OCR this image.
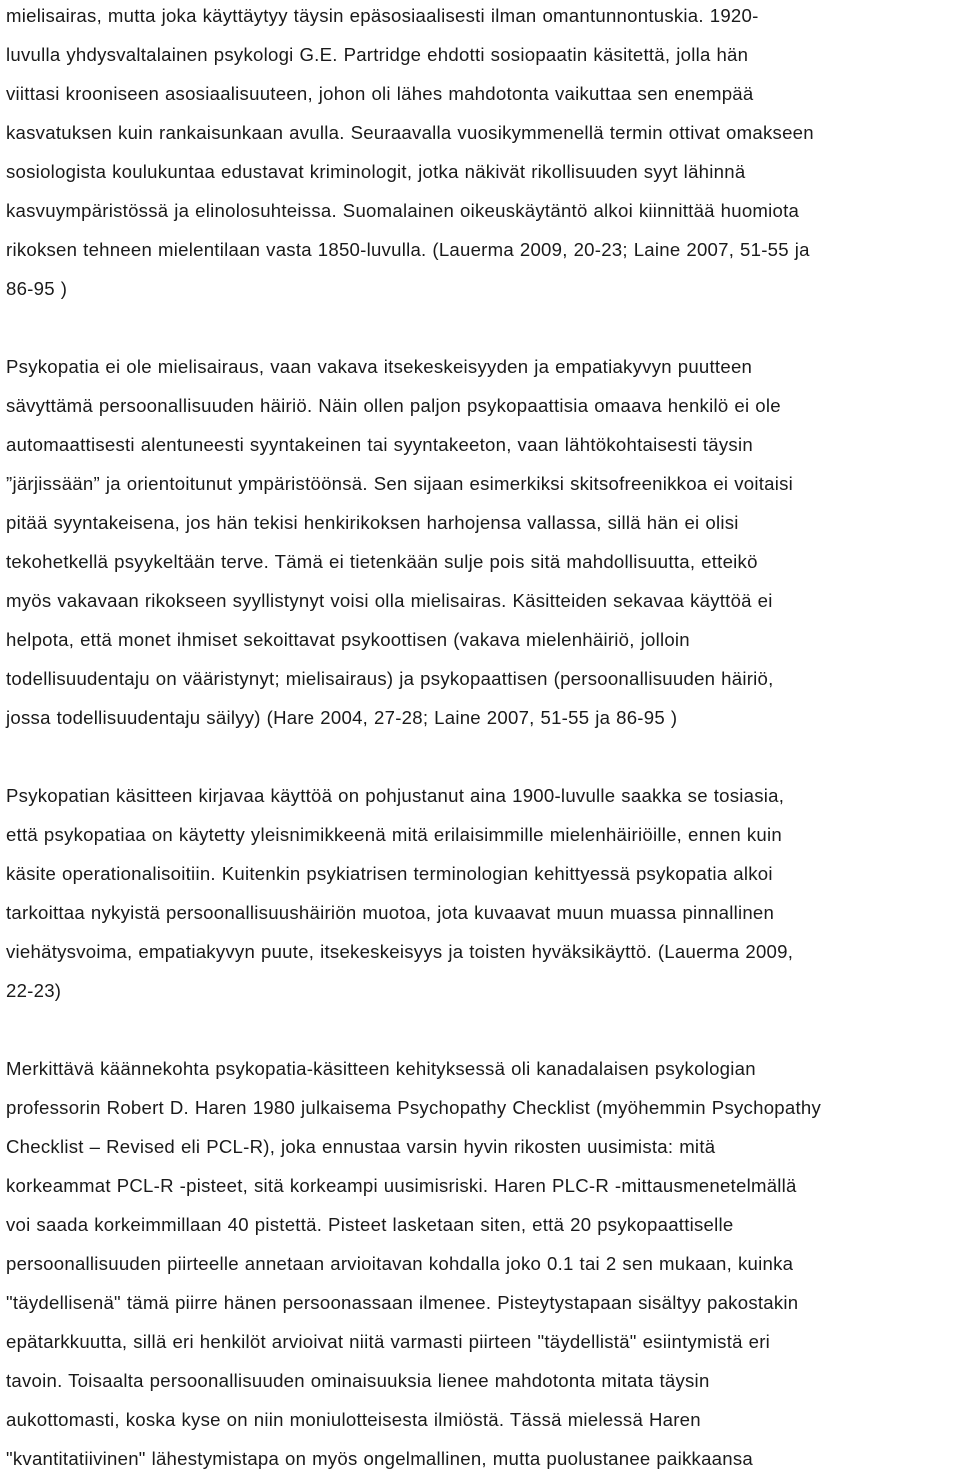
mielisairas, mutta joka käyttäytyy täysin epäsosiaalisesti ilman omantunnontuskia. 1920-
luvulla yhdysvaltalainen psykologi G.E. Partridge ehdotti sosiopaatin käsitettä, jolla hän
viittasi krooniseen asosiaalisuuteen, johon oli lähes mahdotonta vaikuttaa sen enempää
kasvatuksen kuin rankaisunkaan avulla. Seuraavalla vuosikymmenellä termin ottivat omakseen
sosiologista koulukuntaa edustavat kriminologit, jotka näkivät rikollisuuden syyt lähinnä
kasvuympäristössä ja elinolosuhteissa. Suomalainen oikeuskäytäntö alkoi kiinnittää huomiota
rikoksen tehneen mielentilaan vasta 1850-luvulla. (Lauerma 2009, 20-23; Laine 2007, 51-55 ja
86-95 )

Psykopatia ei ole mielisairaus, vaan vakava itsekeskeisyyden ja empatiakyvyn puutteen
sävyttämä persoonallisuuden häiriö. Näin ollen paljon psykopaattisia omaava henkilö ei ole
automaattisesti alentuneesti syyntakeinen tai syyntakeeton, vaan lähtökohtaisesti täysin
”järjissään” ja orientoitunut ympäristöönsä. Sen sijaan esimerkiksi skitsofreenikkoa ei voitaisi
pitää syyntakeisena, jos hän tekisi henkirikoksen harhojensa vallassa, sillä hän ei olisi
tekohetkellä psyykeltään terve. Tämä ei tietenkään sulje pois sitä mahdollisuutta, etteikö
myös vakavaan rikokseen syyllistynyt voisi olla mielisairas. Käsitteiden sekavaa käyttöä ei
helpota, että monet ihmiset sekoittavat psykoottisen (vakava mielenhäiriö, jolloin
todellisuudentaju on vääristynyt; mielisairaus) ja psykopaattisen (persoonallisuuden häiriö,
jossa todellisuudentaju säilyy) (Hare 2004, 27-28; Laine 2007, 51-55 ja 86-95 )

Psykopatian käsitteen kirjavaa käyttöä on pohjustanut aina 1900-luvulle saakka se tosiasia,
että psykopatiaa on käytetty yleisnimikkeenä mitä erilaisimmille mielenhäiriöille, ennen kuin
käsite operationalisoitiin. Kuitenkin psykiatrisen terminologian kehittyessä psykopatia alkoi
tarkoittaa nykyistä persoonallisuushäiriön muotoa, jota kuvaavat muun muassa pinnallinen
viehätysvoima, empatiakyvyn puute, itsekeskeisyys ja toisten hyväksikäyttö. (Lauerma 2009,
22-23)

Merkittävä käännekohta psykopatia-käsitteen kehityksessä oli kanadalaisen psykologian
professorin Robert D. Haren 1980 julkaisema Psychopathy Checklist (myöhemmin Psychopathy
Checklist – Revised eli PCL-R), joka ennustaa varsin hyvin rikosten uusimista: mitä
korkeammat PCL-R -pisteet, sitä korkeampi uusimisriski. Haren PLC-R -mittausmenetelmällä
voi saada korkeimmillaan 40 pistettä. Pisteet lasketaan siten, että 20 psykopaattiselle
persoonallisuuden piirteelle annetaan arvioitavan kohdalla joko 0.1 tai 2 sen mukaan, kuinka
"täydellisenä" tämä piirre hänen persoonassaan ilmenee. Pisteytystapaan sisältyy pakostakin
epätarkkuutta, sillä eri henkilöt arvioivat niitä varmasti piirteen "täydellistä" esiintymistä eri
tavoin. Toisaalta persoonallisuuden ominaisuuksia lienee mahdotonta mitata täysin
aukottomasti, koska kyse on niin moniulotteisesta ilmiöstä. Tässä mielessä Haren
"kvantitatiivinen" lähestymistapa on myös ongelmallinen, mutta puolustanee paikkaansa
